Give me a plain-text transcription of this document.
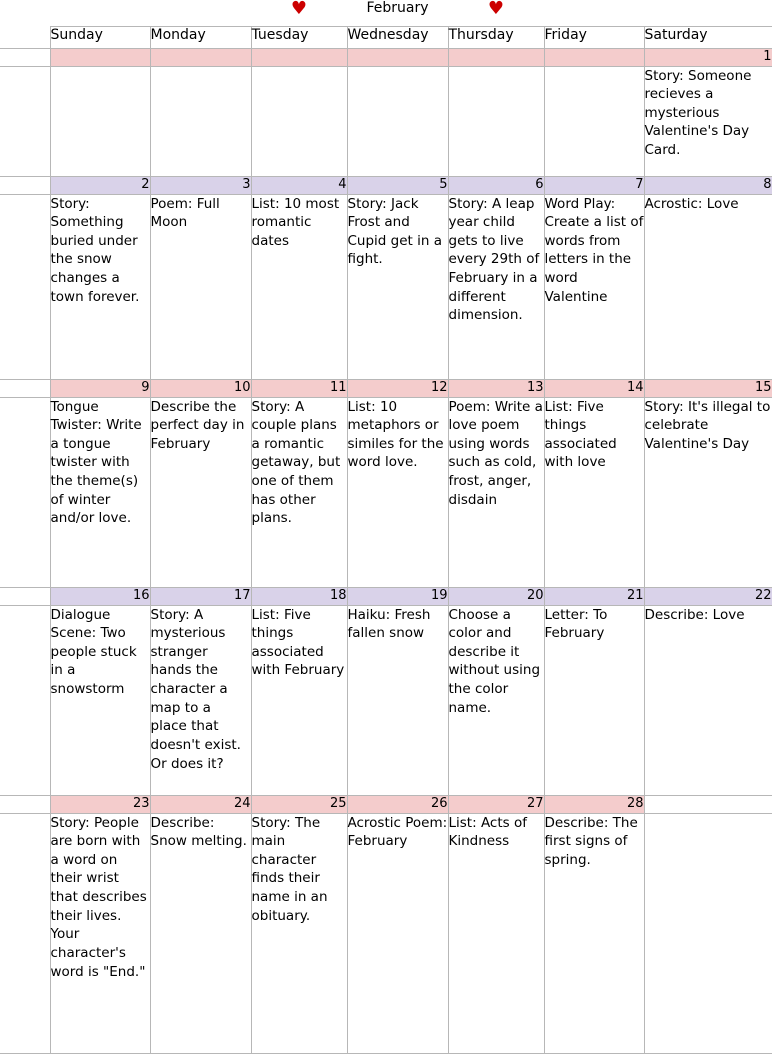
			♥	February	♥		
	Sunday	Monday	Tuesday	Wednesday	Thursday	Friday	Saturday
							1

							Story: Someone recieves a mysterious Valentine's Day Card.

	2	3	4	5	6	7	8

	Story: Something buried under the snow changes a town forever.	Poem: Full Moon	List: 10 most romantic dates	Story: Jack Frost and Cupid get in a fight.	Story: A leap year child gets to live every 29th of February in a different dimension.	Word Play: Create a list of words from letters in the word Valentine	Acrostic: Love

	9	10	11	12	13	14	15

	Tongue Twister: Write a tongue twister with the theme(s) of winter and/or love.	Describe the perfect day in February	Story: A couple plans a romantic getaway, but one of them has other plans.	List: 10 metaphors or similes for the word love.	Poem: Write a love poem using words such as cold, frost, anger, disdain	List: Five things associated with love	Story: It's illegal to celebrate Valentine's Day

	16	17	18	19	20	21	22

	Dialogue Scene: Two people stuck in a snowstorm	Story: A mysterious stranger hands the character a map to a place that doesn't exist. Or does it?	List: Five things associated with February	Haiku: Fresh fallen snow	Choose a color and describe it without using the color name.	Letter: To February	Describe: Love

	23	24	25	26	27	28	

	Story: People are born with a word on their wrist that describes their lives. Your character's word is "End."	Describe: Snow melting.	Story: The main character finds their name in an obituary.	Acrostic Poem: February	List: Acts of Kindness	Describe: The first signs of spring.	
